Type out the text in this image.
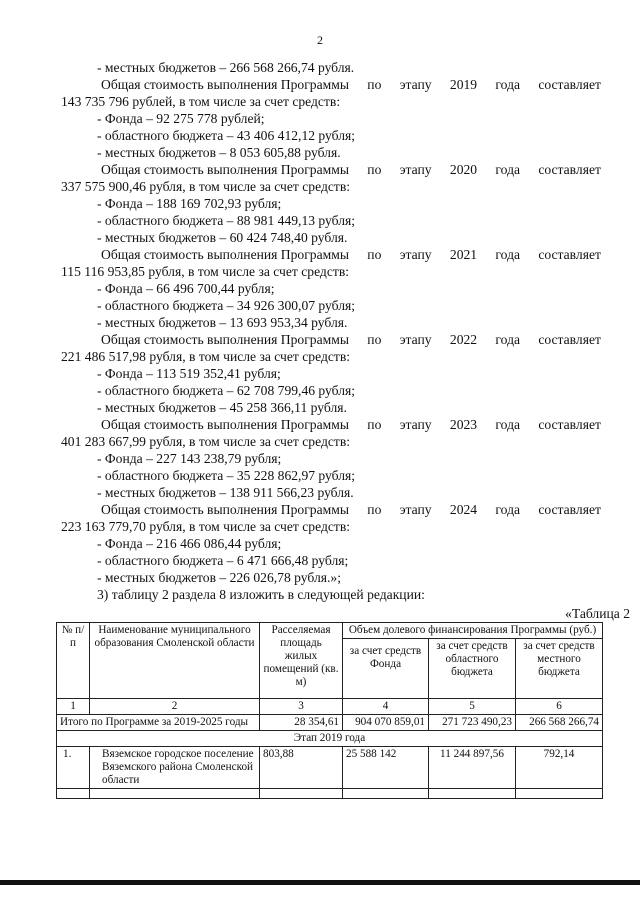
2
- местных бюджетов – 266 568 266,74 рубля.
Общая стоимость выполнения Программы по этапу 2019 года составляет
143 735 796 рублей, в том числе за счет средств:
- Фонда – 92 275 778 рублей;
- областного бюджета – 43 406 412,12 рубля;
- местных бюджетов – 8 053 605,88 рубля.
Общая стоимость выполнения Программы по этапу 2020 года составляет
337 575 900,46 рубля, в том числе за счет средств:
- Фонда – 188 169 702,93 рубля;
- областного бюджета – 88 981 449,13 рубля;
- местных бюджетов – 60 424 748,40 рубля.
Общая стоимость выполнения Программы по этапу 2021 года составляет
115 116 953,85 рубля, в том числе за счет средств:
- Фонда – 66 496 700,44 рубля;
- областного бюджета – 34 926 300,07 рубля;
- местных бюджетов – 13 693 953,34 рубля.
Общая стоимость выполнения Программы по этапу 2022 года составляет
221 486 517,98 рубля, в том числе за счет средств:
- Фонда – 113 519 352,41 рубля;
- областного бюджета – 62 708 799,46 рубля;
- местных бюджетов – 45 258 366,11 рубля.
Общая стоимость выполнения Программы по этапу 2023 года составляет
401 283 667,99 рубля, в том числе за счет средств:
- Фонда – 227 143 238,79 рубля;
- областного бюджета – 35 228 862,97 рубля;
- местных бюджетов – 138 911 566,23 рубля.
Общая стоимость выполнения Программы по этапу 2024 года составляет
223 163 779,70 рубля, в том числе за счет средств:
- Фонда – 216 466 086,44 рубля;
- областного бюджета – 6 471 666,48 рубля;
- местных бюджетов – 226 026,78 рубля.»;
3) таблицу 2 раздела 8 изложить в следующей редакции:
«Таблица 2
№ п/п	Наименование муниципального образования Смоленской области	Расселяемая площадь жилых помещений (кв. м)	Объем долевого финансирования Программы (руб.)		
			за счет средств Фонда	за счет средств областного бюджета	за счет средств местного бюджета
1	2	3	4	5	6
Итого по Программе за 2019-2025 годы		28 354,61	904 070 859,01	271 723 490,23	266 568 266,74
Этап 2019 года					
1.	Вяземское городское поселение Вяземского района Смоленской области	803,88	25 588 142	11 244 897,56	792,14
